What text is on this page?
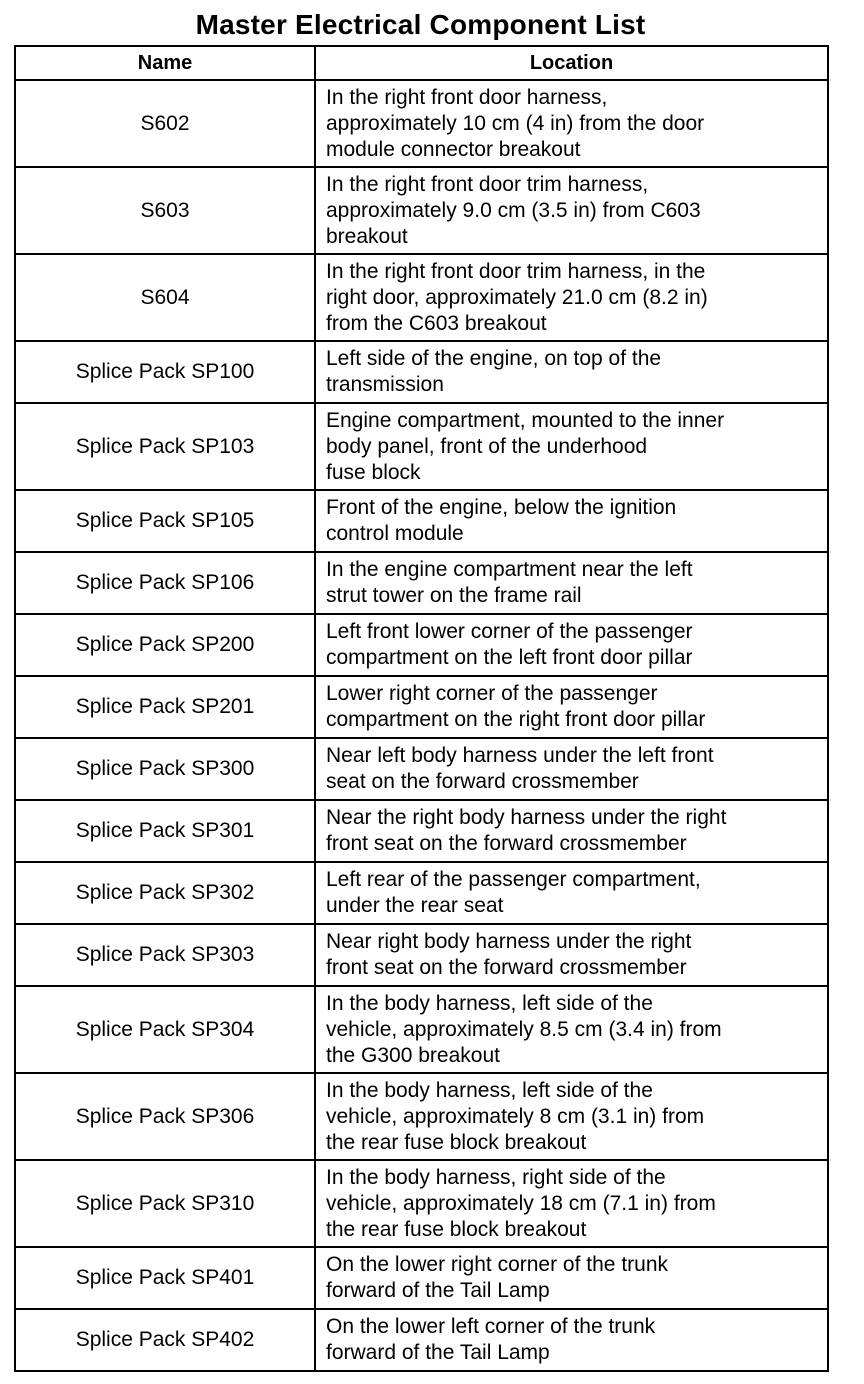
Master Electrical Component List
Name	Location
S602	In the right front door harness,
approximately 10 cm (4 in) from the door
module connector breakout

S603	In the right front door trim harness,
approximately 9.0 cm (3.5 in) from C603
breakout

S604	In the right front door trim harness, in the
right door, approximately 21.0 cm (8.2 in)
from the C603 breakout

Splice Pack SP100	Left side of the engine, on top of the
transmission

Splice Pack SP103	Engine compartment, mounted to the inner
body panel, front of the underhood
fuse block

Splice Pack SP105	Front of the engine, below the ignition
control module

Splice Pack SP106	In the engine compartment near the left
strut tower on the frame rail

Splice Pack SP200	Left front lower corner of the passenger
compartment on the left front door pillar

Splice Pack SP201	Lower right corner of the passenger
compartment on the right front door pillar

Splice Pack SP300	Near left body harness under the left front
seat on the forward crossmember

Splice Pack SP301	Near the right body harness under the right
front seat on the forward crossmember

Splice Pack SP302	Left rear of the passenger compartment,
under the rear seat

Splice Pack SP303	Near right body harness under the right
front seat on the forward crossmember

Splice Pack SP304	In the body harness, left side of the
vehicle, approximately 8.5 cm (3.4 in) from
the G300 breakout

Splice Pack SP306	In the body harness, left side of the
vehicle, approximately 8 cm (3.1 in) from
the rear fuse block breakout

Splice Pack SP310	In the body harness, right side of the
vehicle, approximately 18 cm (7.1 in) from
the rear fuse block breakout

Splice Pack SP401	On the lower right corner of the trunk
forward of the Tail Lamp

Splice Pack SP402	On the lower left corner of the trunk
forward of the Tail Lamp
